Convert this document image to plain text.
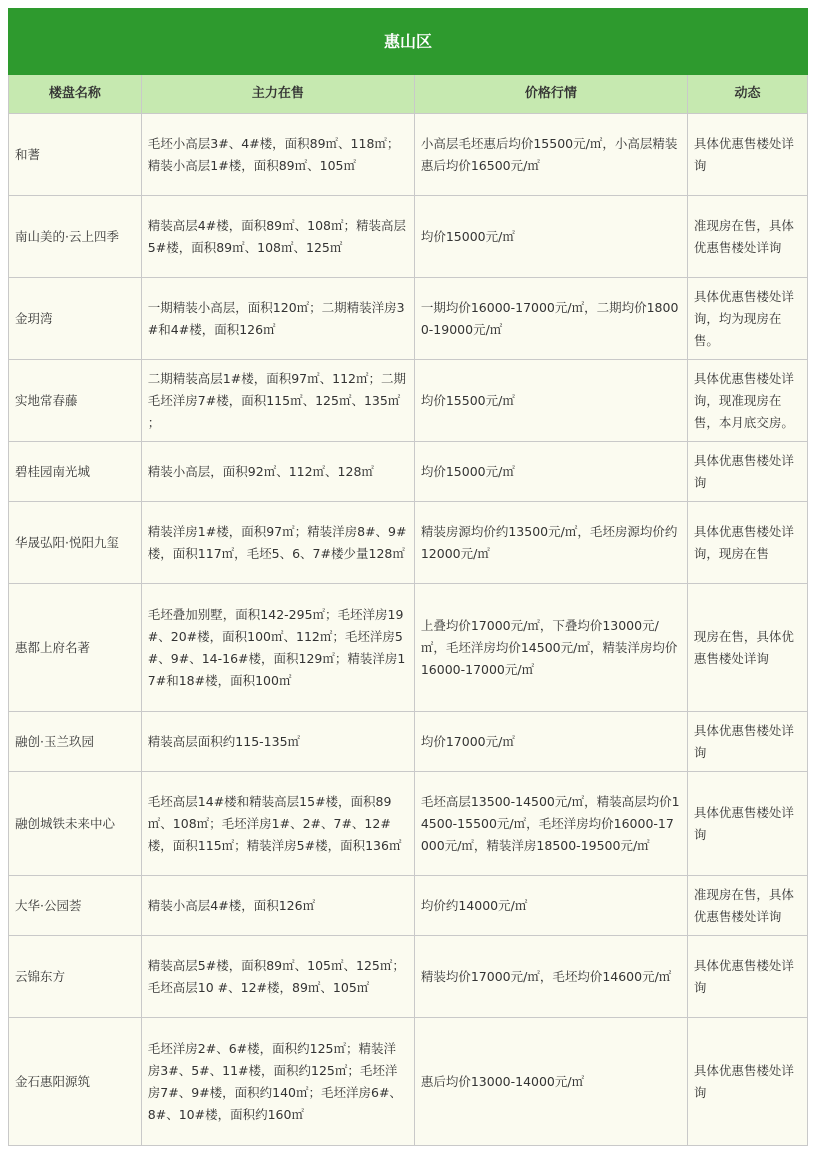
惠山区			
楼盘名称	主力在售	价格行情	动态
和蓍	毛坯小高层3#、4#楼，面积89㎡、118㎡；精装小高层1#楼，面积89㎡、105㎡	小高层毛坯惠后均价15500元/㎡，小高层精装惠后均价16500元/㎡	具体优惠售楼处详询
南山美的·云上四季	精装高层4#楼，面积89㎡、108㎡；精装高层5#楼，面积89㎡、108㎡、125㎡	均价15000元/㎡	准现房在售，具体优惠售楼处详询
金玥湾	一期精装小高层，面积120㎡；二期精装洋房3#和4#楼，面积126㎡	一期均价16000-17000元/㎡，二期均价18000-19000元/㎡	具体优惠售楼处详询，均为现房在售。
实地常春藤	二期精装高层1#楼，面积97㎡、112㎡；二期毛坯洋房7#楼，面积115㎡、125㎡、135㎡ ；	均价15500元/㎡	具体优惠售楼处详询，现准现房在售，本月底交房。
碧桂园南光城	精装小高层，面积92㎡、112㎡、128㎡	均价15000元/㎡	具体优惠售楼处详询
华晟弘阳·悦阳九玺	精装洋房1#楼，面积97㎡；精装洋房8#、9#楼，面积117㎡，毛坯5、6、7#楼少量128㎡	精装房源均价约13500元/㎡，毛坯房源均价约12000元/㎡	具体优惠售楼处详询，现房在售
惠都上府名著	毛坯叠加别墅，面积142-295㎡；毛坯洋房19#、20#楼，面积100㎡、112㎡；毛坯洋房5#、9#、14-16#楼，面积129㎡；精装洋房17#和18#楼，面积100㎡	上叠均价17000元/㎡，下叠均价13000元/㎡，毛坯洋房均价14500元/㎡，精装洋房均价16000-17000元/㎡	现房在售，具体优惠售楼处详询
融创·玉兰玖园	精装高层面积约115-135㎡	均价17000元/㎡	具体优惠售楼处详询
融创城铁未来中心	毛坯高层14#楼和精装高层15#楼，面积89㎡、108㎡；毛坯洋房1#、2#、7#、12#楼，面积115㎡；精装洋房5#楼，面积136㎡	毛坯高层13500-14500元/㎡，精装高层均价14500-15500元/㎡，毛坯洋房均价16000-17000元/㎡，精装洋房18500-19500元/㎡	具体优惠售楼处详询
大华·公园荟	精装小高层4#楼，面积126㎡	均价约14000元/㎡	准现房在售，具体优惠售楼处详询
云锦东方	精装高层5#楼，面积89㎡、105㎡、125㎡；毛坯高层10 #、12#楼，89㎡、105㎡	精装均价17000元/㎡，毛坯均价14600元/㎡	具体优惠售楼处详询
金石惠阳源筑	毛坯洋房2#、6#楼，面积约125㎡；精装洋房3#、5#、11#楼，面积约125㎡；毛坯洋房7#、9#楼，面积约140㎡；毛坯洋房6#、8#、10#楼，面积约160㎡	惠后均价13000-14000元/㎡	具体优惠售楼处详询
